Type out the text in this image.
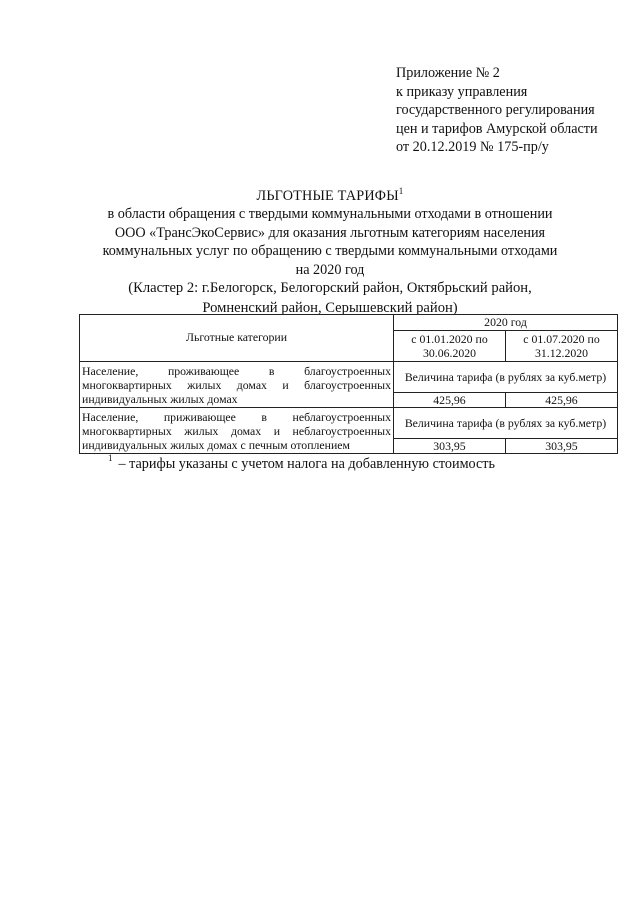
Приложение № 2
к приказу управления
государственного регулирования
цен и тарифов Амурской области
от 20.12.2019 № 175-пр/у
ЛЬГОТНЫЕ ТАРИФЫ$^1$
в области обращения с твердыми коммунальными отходами в отношении
ООО «ТрансЭкоСервис» для оказания льготным категориям населения
коммунальных услуг по обращению с твердыми коммунальными отходами
на 2020 год
(Кластер 2: г.Белогорск, Белогорский район, Октябрьский район,
Ромненский район, Серышевский район)
Льготные категории	2020 год	
	с 01.01.2020 по 30.06.2020	с 01.07.2020 по 31.12.2020
Население, проживающее в благоустроенных многоквартирных жилых домах и благоустроенных индивидуальных жилых домах	Величина тарифа (в рублях за куб.метр)	
	425,96	425,96
Население, приживающее в неблагоустроенных многоквартирных жилых домах и неблагоустроенных индивидуальных жилых домах с печным отоплением	Величина тарифа (в рублях за куб.метр)	
	303,95	303,95
$^1$ – тарифы указаны с учетом налога на добавленную стоимость
